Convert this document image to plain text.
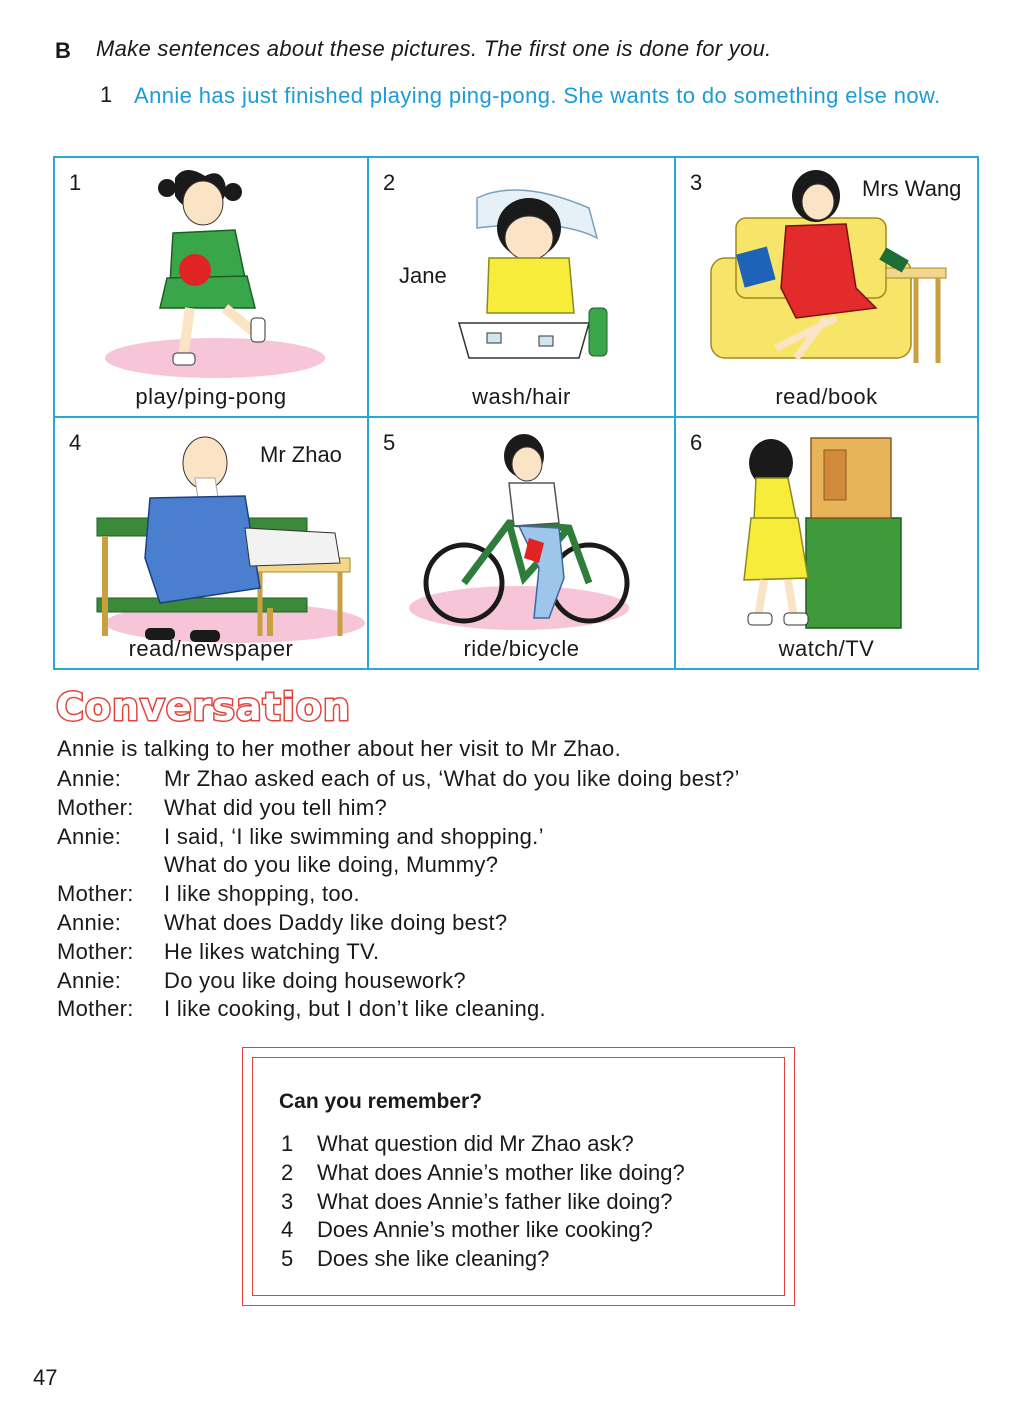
B Make sentences about these pictures. The first one is done for you.
1 Annie has just finished playing ping-pong. She wants to do something else now.
1
play/ping-pong
2
Jane
wash/hair
3	Mrs Wang
read/book
4	Mr Zhao
read/newspaper
5
ride/bicycle
6
watch/TV
Conversation
Annie is talking to her mother about her visit to Mr Zhao.
Annie:	Mr Zhao asked each of us, ‘What do you like doing best?’
Mother:	What did you tell him?
Annie:	I said, ‘I like swimming and shopping.’
What do you like doing, Mummy?
Mother:	I like shopping, too.
Annie:	What does Daddy like doing best?
Mother:	He likes watching TV.
Annie:	Do you like doing housework?
Mother:	I like cooking, but I don’t like cleaning.
Can you remember?
1	What question did Mr Zhao ask?
2	What does Annie’s mother like doing?
3	What does Annie’s father like doing?
4	Does Annie’s mother like cooking?
5	Does she like cleaning?
47
